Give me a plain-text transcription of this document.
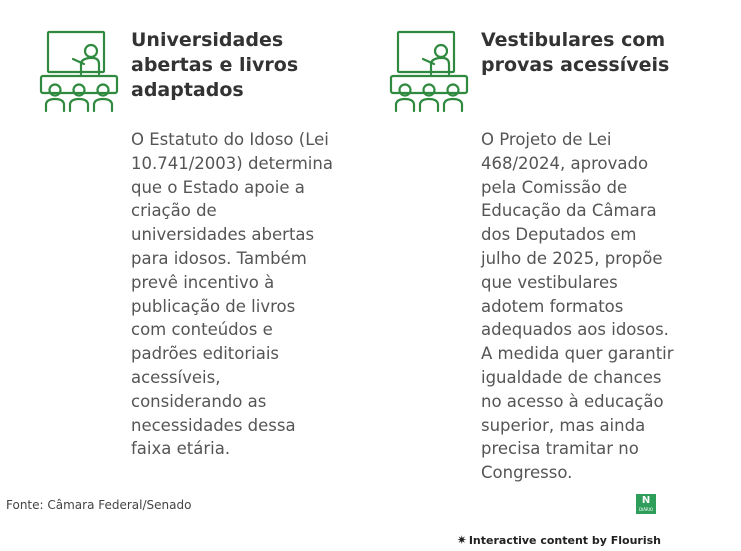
Universidades
abertas e livros
adaptados

O Estatuto do Idoso (Lei
10.741/2003) determina
que o Estado apoie a
criação de
universidades abertas
para idosos. Também
prevê incentivo à
publicação de livros
com conteúdos e
padrões editoriais
acessíveis,
considerando as
necessidades dessa
faixa etária.

Vestibulares com
provas acessíveis

O Projeto de Lei
468/2024, aprovado
pela Comissão de
Educação da Câmara
dos Deputados em
julho de 2025, propõe
que vestibulares
adotem formatos
adequados aos idosos.
A medida quer garantir
igualdade de chances
no acesso à educação
superior, mas ainda
precisa tramitar no
Congresso.

Fonte: Câmara Federal/Senado	N
DIÁRIO
✷ Interactive content by Flourish
